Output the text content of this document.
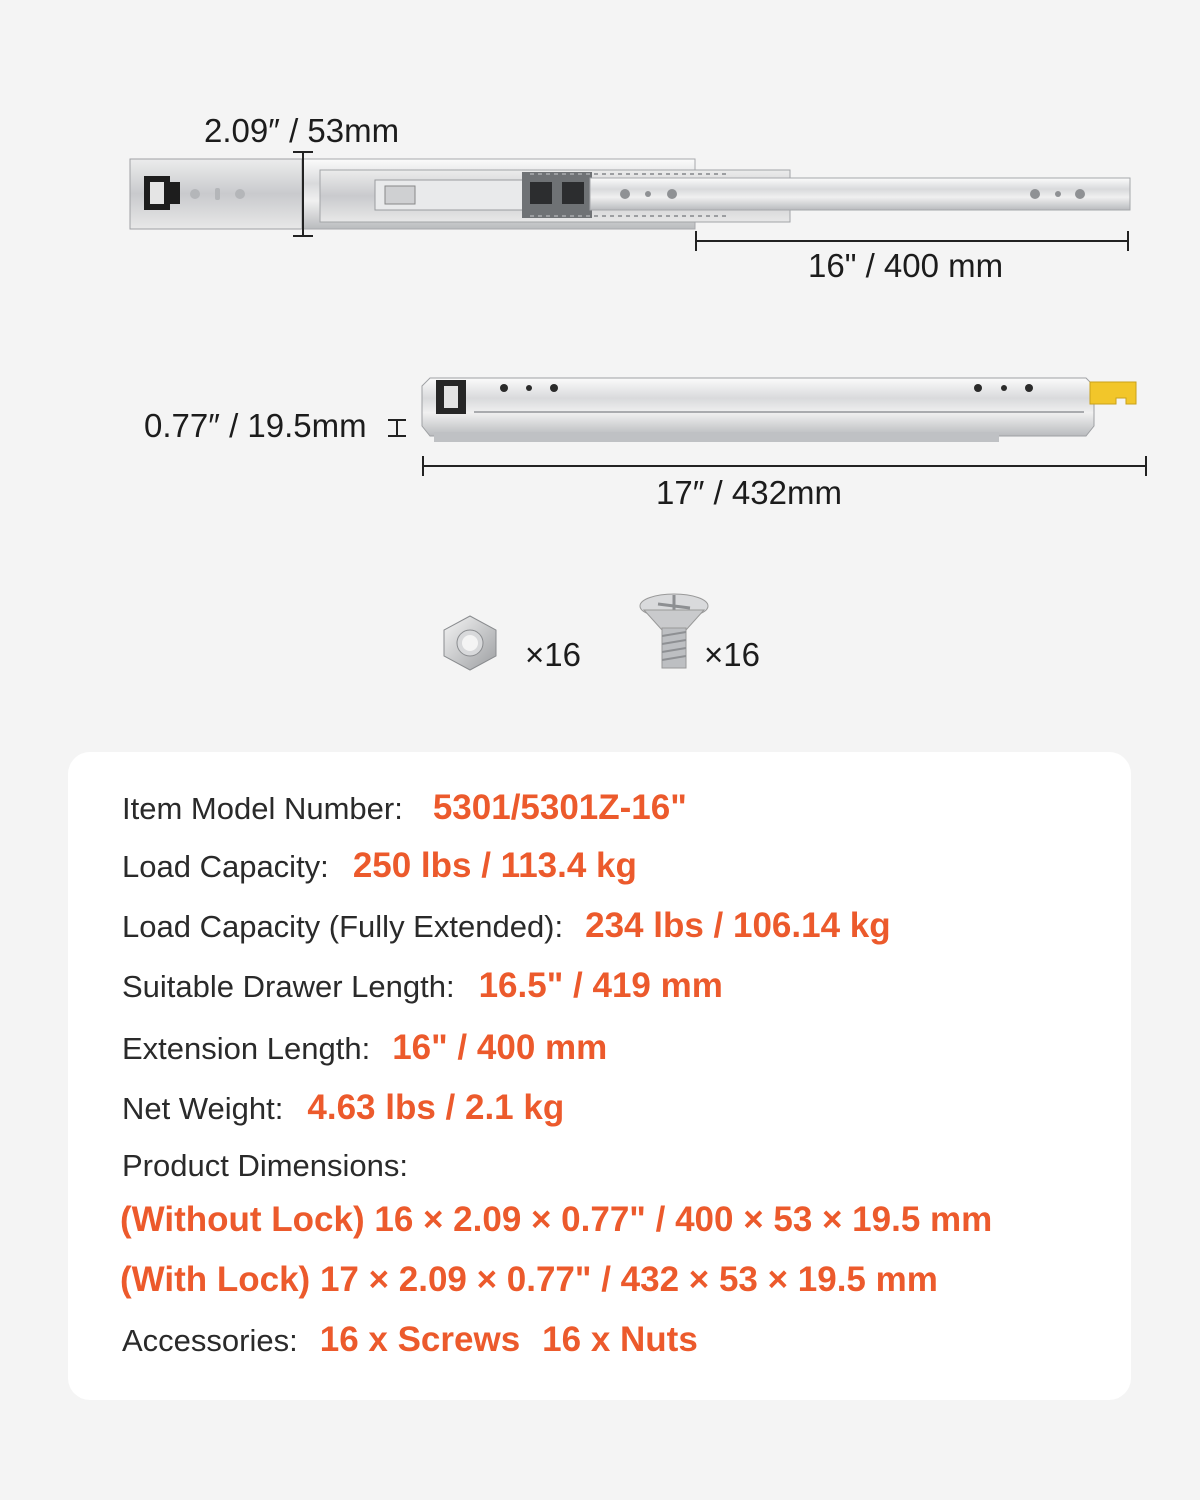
2.09″ / 53mm
16" / 400 mm
0.77″ / 19.5mm
17″ / 432mm
×16	×16
Item Model Number: 5301/5301Z-16"
Load Capacity: 250 lbs / 113.4 kg
Load Capacity (Fully Extended): 234 lbs / 106.14 kg
Suitable Drawer Length: 16.5" / 419 mm
Extension Length: 16" / 400 mm
Net Weight: 4.63 lbs / 2.1 kg
Product Dimensions:
(Without Lock) 16 × 2.09 × 0.77" / 400 × 53 × 19.5 mm
(With Lock) 17 × 2.09 × 0.77" / 432 × 53 × 19.5 mm
Accessories: 16 x Screws 16 x Nuts
